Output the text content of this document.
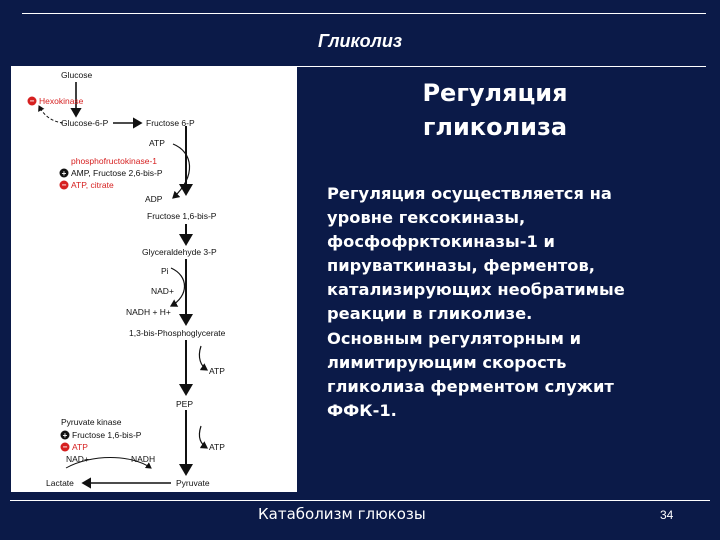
Гликолиз
−
+
−
+
−
Glucose
Hexokinase
Glucose-6-P	Fructose 6-P
ATP
phosphofructokinase-1
AMP, Fructose 2,6-bis-P
ATP, citrate
ADP
Fructose 1,6-bis-P
Glyceraldehyde 3-P
Pi
NAD+
NADH + H+
1,3-bis-Phosphoglycerate
ATP
PEP
Pyruvate kinase
Fructose 1,6-bis-P
ATP	ATP
NAD+	NADH
Lactate	Pyruvate
Регуляция
гликолиза
Регуляция осуществляется на
уровне гексокиназы,
фосфофрктокиназы-1 и
пируваткиназы, ферментов,
катализирующих необратимые
реакции в гликолизе.
Основным регуляторным и
лимитирующим скорость
гликолиза ферментом служит
ФФК-1.
Катаболизм глюкозы	34
